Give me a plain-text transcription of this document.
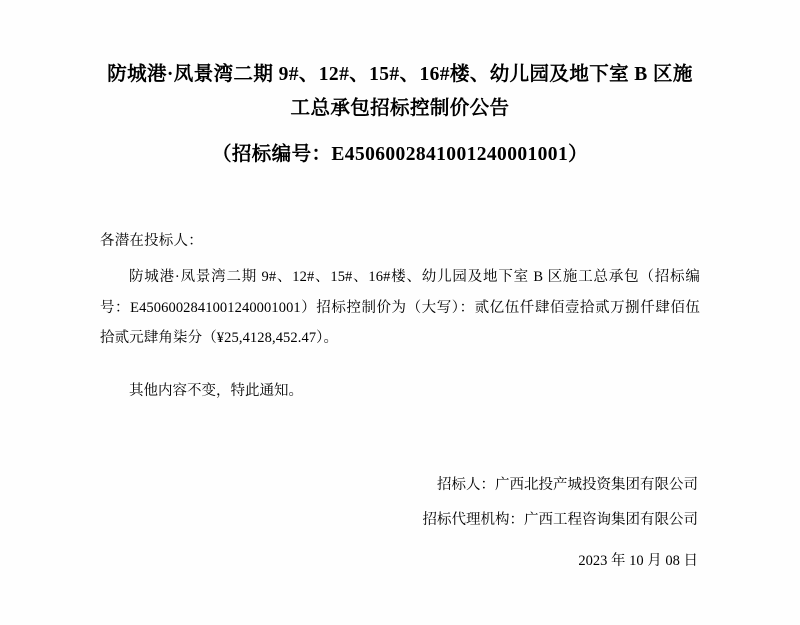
防城港·凤景湾二期 9#、12#、15#、16#楼、幼儿园及地下室 B 区施
工总承包招标控制价公告
（招标编号：E4506002841001240001001）
各潜在投标人：
防城港·凤景湾二期 9#、12#、15#、16#楼、幼儿园及地下室 B 区施工总承包（招标编号：E4506002841001240001001）招标控制价为（大写）：贰亿伍仟肆佰壹拾贰万捌仟肆佰伍拾贰元肆角柒分（¥25,4128,452.47）。
其他内容不变，特此通知。
招标人：广西北投产城投资集团有限公司
招标代理机构：广西工程咨询集团有限公司
2023 年 10 月 08 日
